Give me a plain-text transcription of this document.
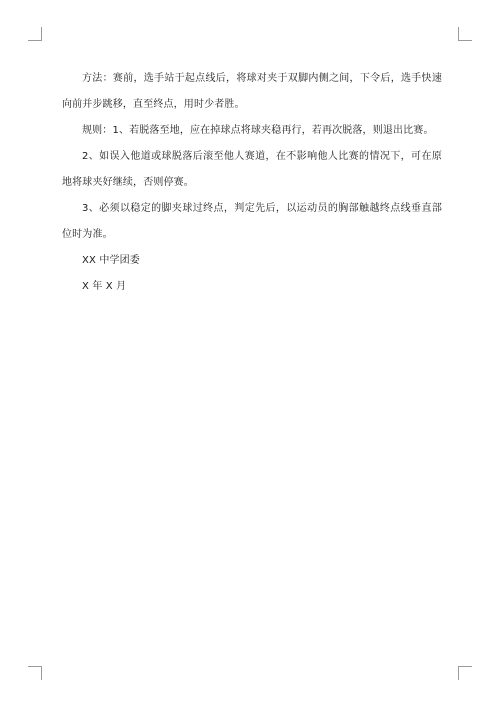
方法：赛前，选手站于起点线后，将球对夹于双脚内侧之间，下令后，选手快速向前并步跳移，直至终点，用时少者胜。

规则：1、若脱落至地，应在掉球点将球夹稳再行，若再次脱落，则退出比赛。

2、如误入他道或球脱落后滚至他人赛道，在不影响他人比赛的情况下，可在原地将球夹好继续，否则停赛。

3、必须以稳定的脚夹球过终点，判定先后，以运动员的胸部触越终点线垂直部位时为准。

XX 中学团委

X 年 X 月
